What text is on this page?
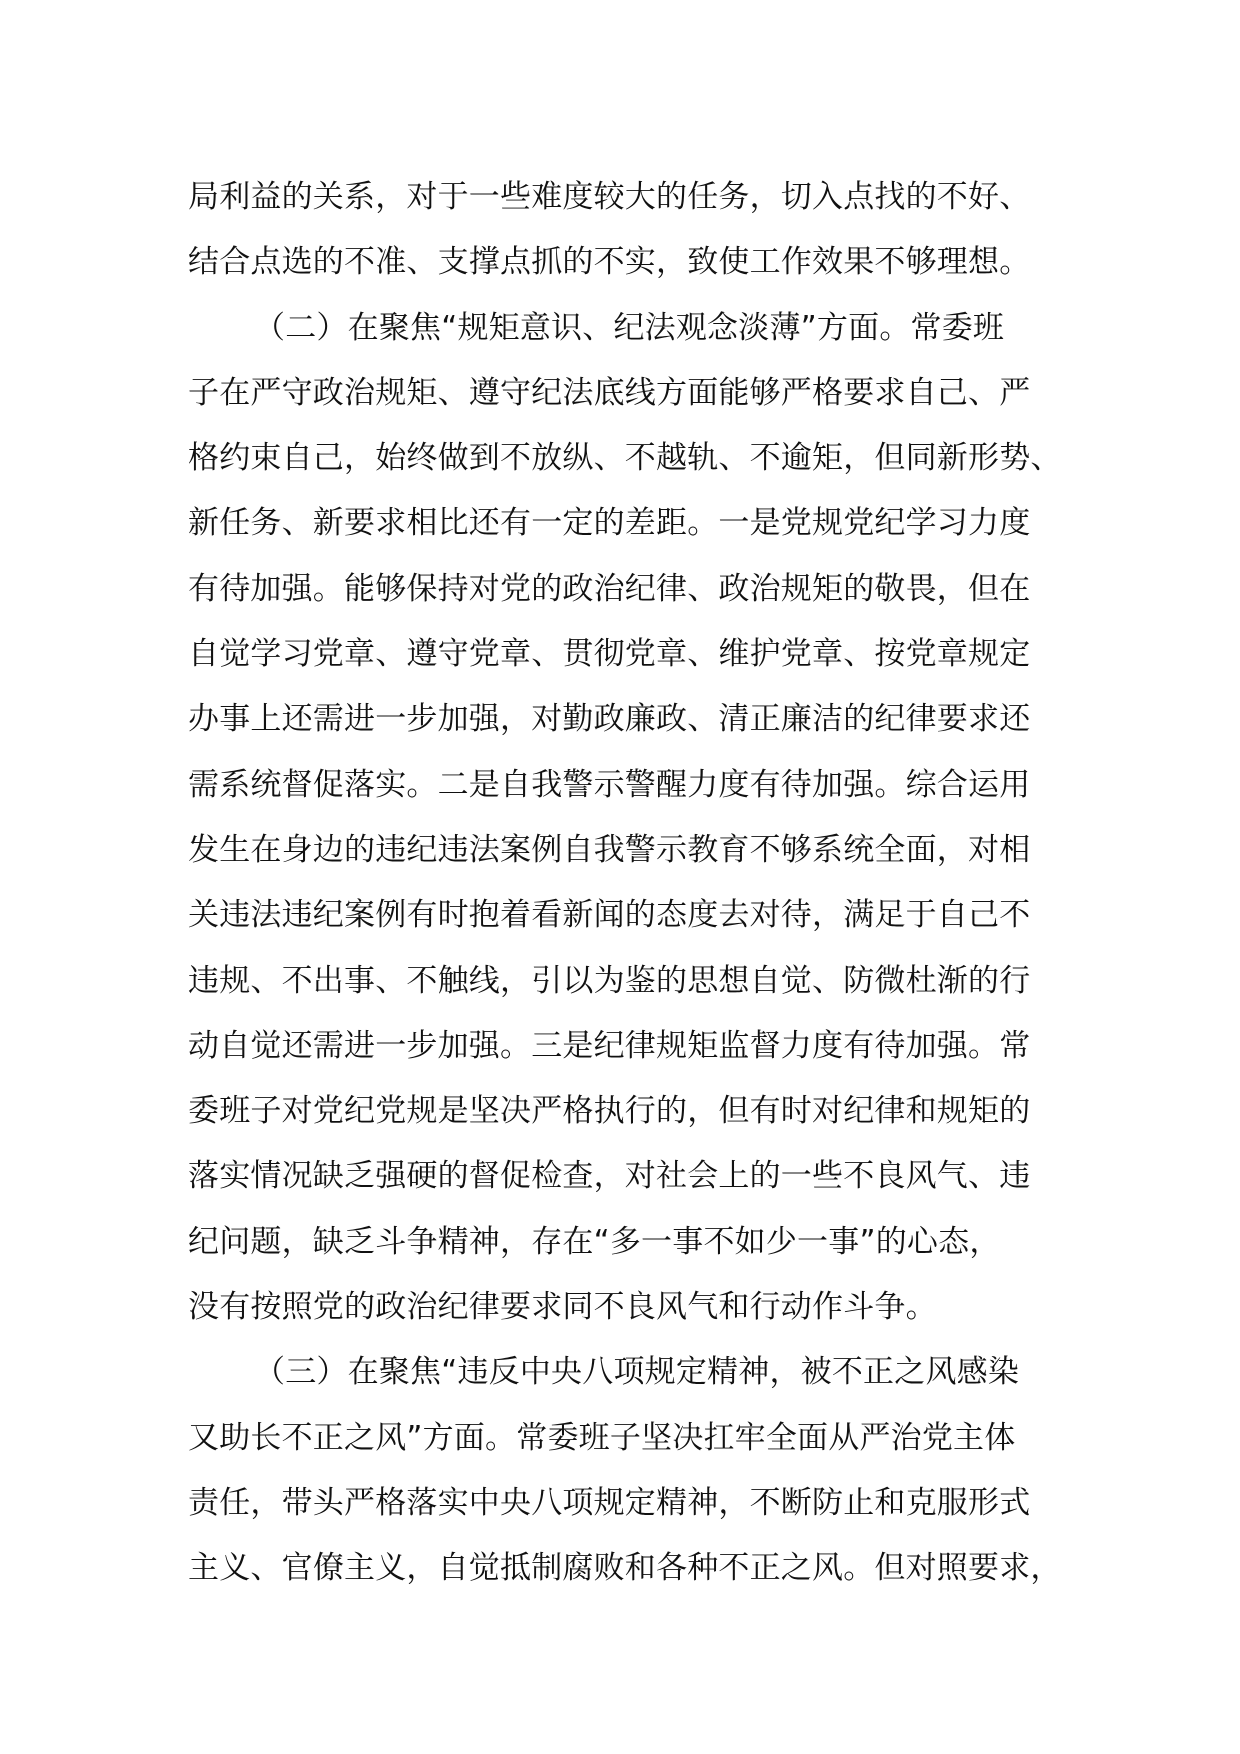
局利益的关系，对于一些难度较大的任务，切入点找的不好、
结合点选的不准、支撑点抓的不实，致使工作效果不够理想。
（二）在聚焦“规矩意识、纪法观念淡薄”方面。常委班
子在严守政治规矩、遵守纪法底线方面能够严格要求自己、严
格约束自己，始终做到不放纵、不越轨、不逾矩，但同新形势、
新任务、新要求相比还有一定的差距。一是党规党纪学习力度
有待加强。能够保持对党的政治纪律、政治规矩的敬畏，但在
自觉学习党章、遵守党章、贯彻党章、维护党章、按党章规定
办事上还需进一步加强，对勤政廉政、清正廉洁的纪律要求还
需系统督促落实。二是自我警示警醒力度有待加强。综合运用
发生在身边的违纪违法案例自我警示教育不够系统全面，对相
关违法违纪案例有时抱着看新闻的态度去对待，满足于自己不
违规、不出事、不触线，引以为鉴的思想自觉、防微杜渐的行
动自觉还需进一步加强。三是纪律规矩监督力度有待加强。常
委班子对党纪党规是坚决严格执行的，但有时对纪律和规矩的
落实情况缺乏强硬的督促检查，对社会上的一些不良风气、违
纪问题，缺乏斗争精神，存在“多一事不如少一事”的心态，
没有按照党的政治纪律要求同不良风气和行动作斗争。
（三）在聚焦“违反中央八项规定精神，被不正之风感染
又助长不正之风”方面。常委班子坚决扛牢全面从严治党主体
责任，带头严格落实中央八项规定精神，不断防止和克服形式
主义、官僚主义，自觉抵制腐败和各种不正之风。但对照要求，
